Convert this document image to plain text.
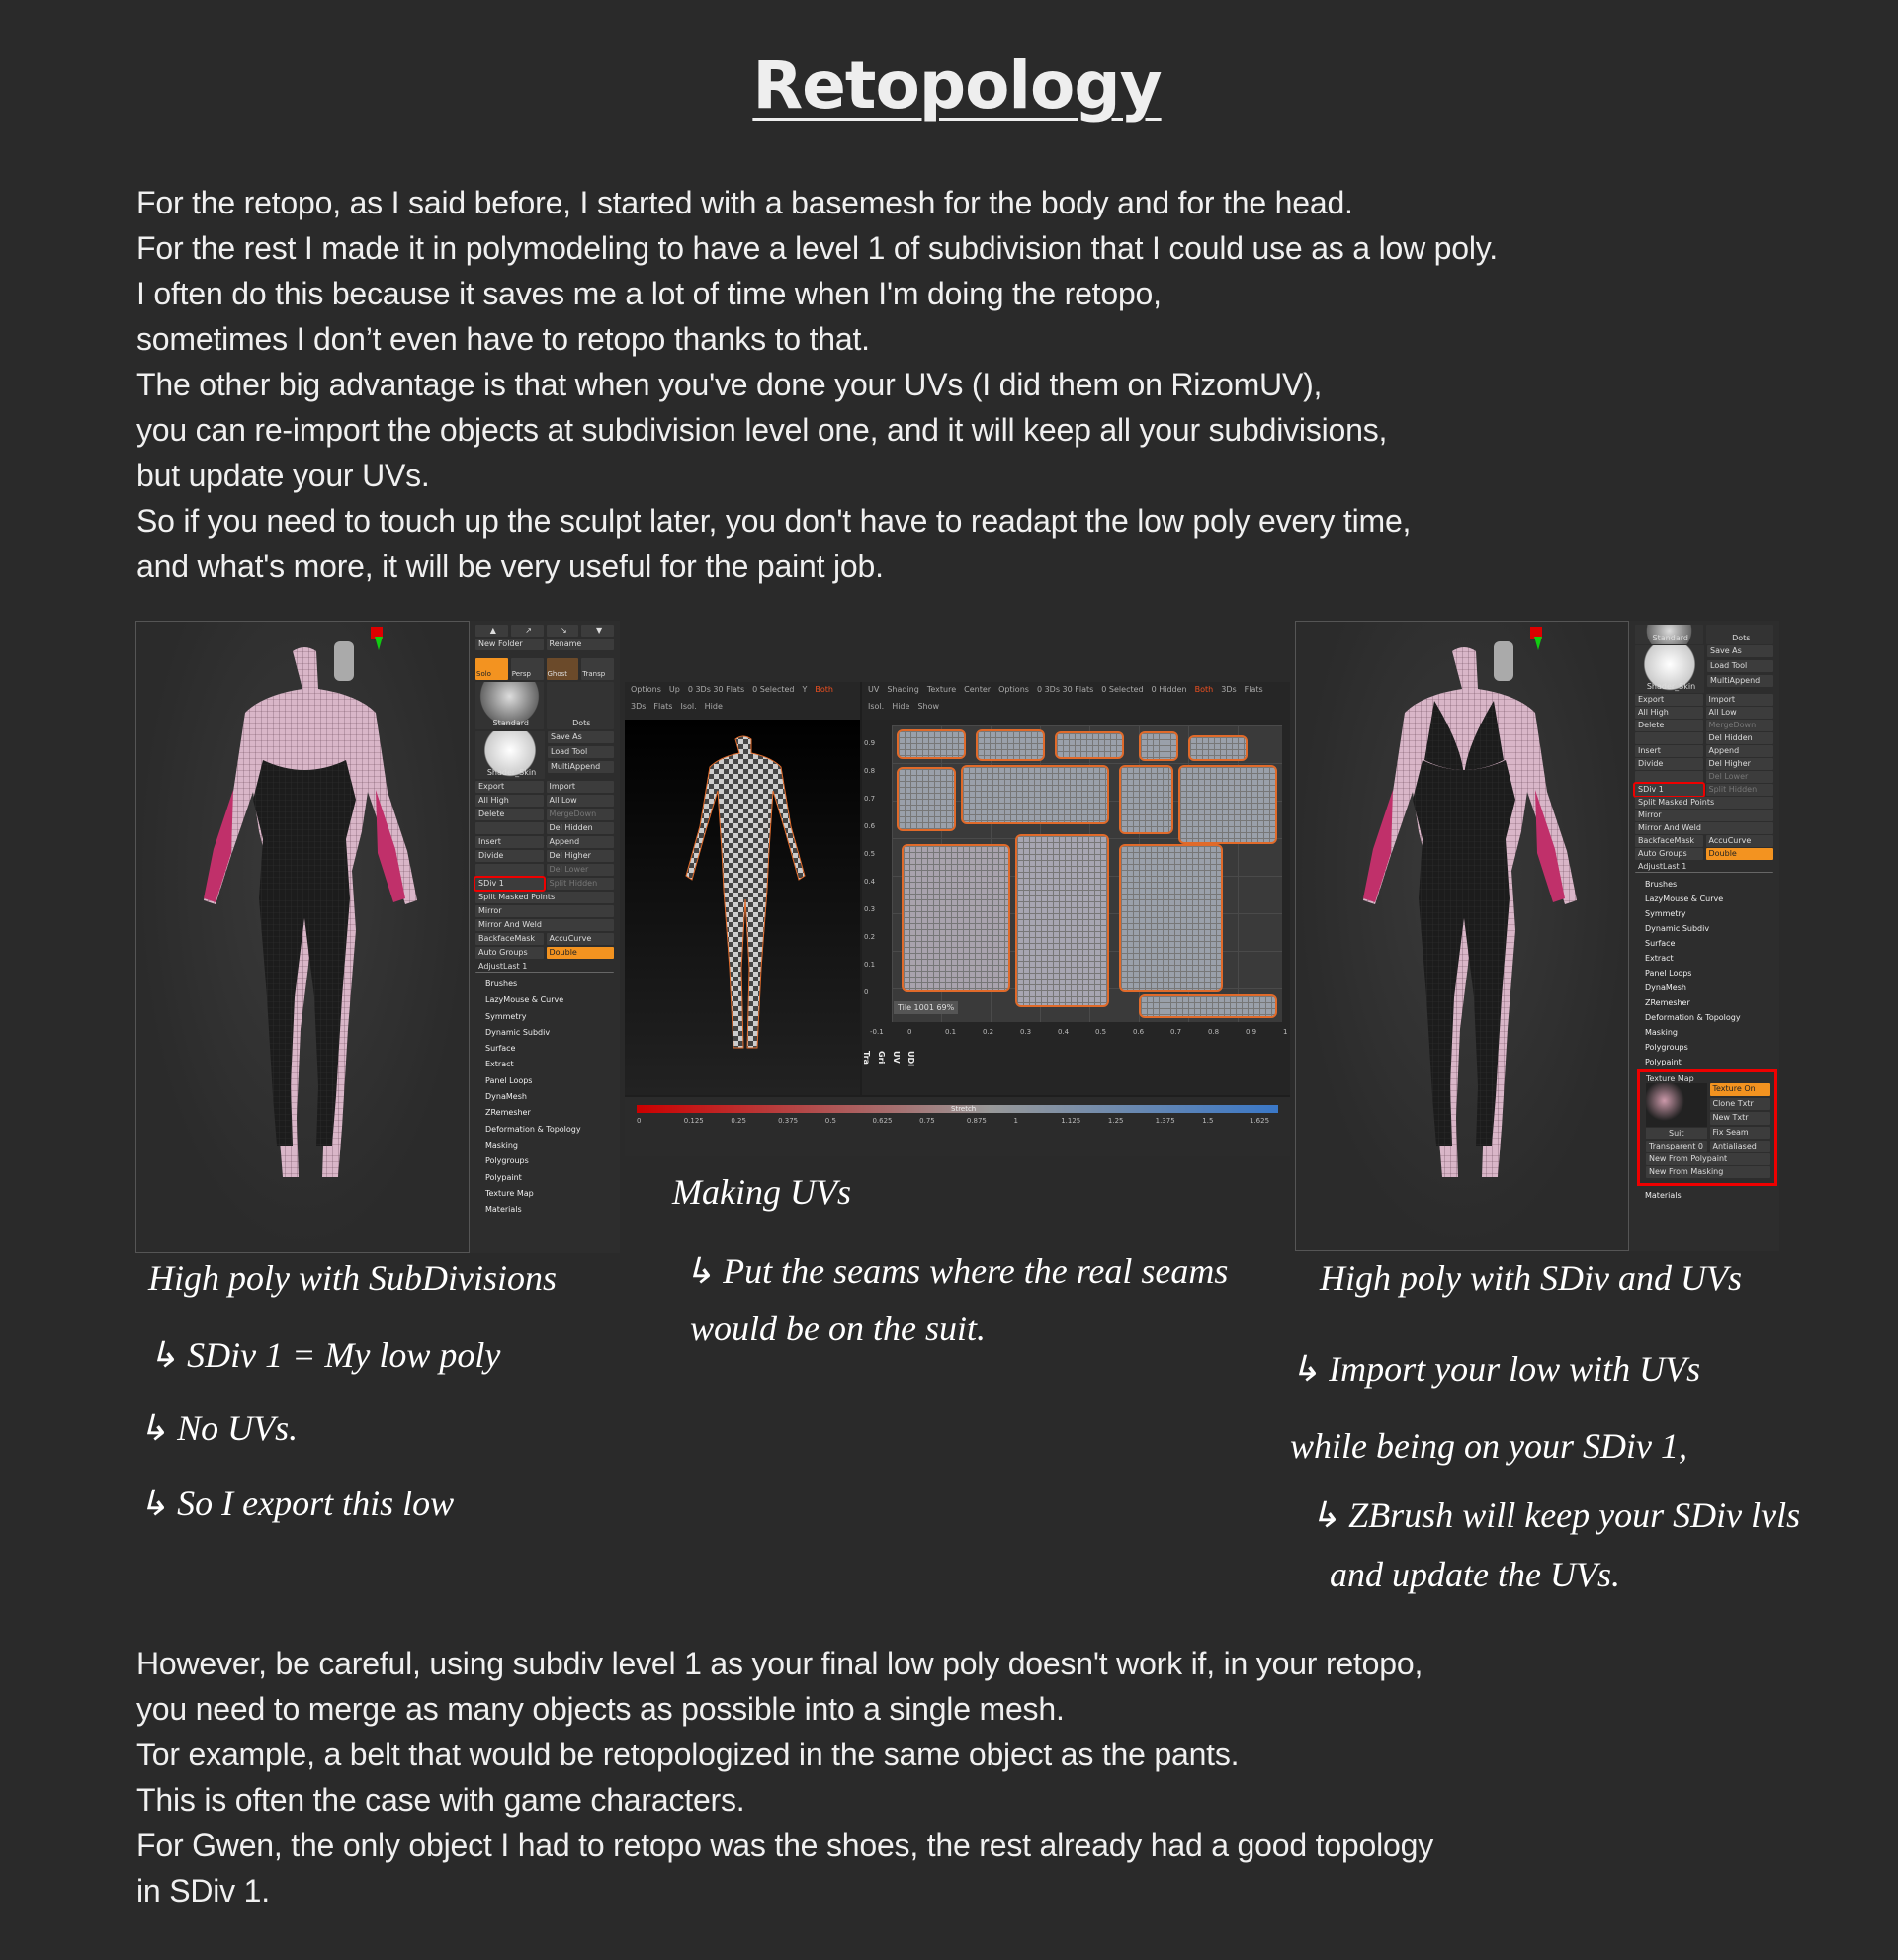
Retopology
For the retopo, as I said before, I started with a basemesh for the body and for the head.
For the rest I made it in polymodeling to have a level 1 of subdivision that I could use as a low poly.
I often do this because it saves me a lot of time when I'm doing the retopo,
sometimes I don’t even have to retopo thanks to that.
The other big advantage is that when you've done your UVs (I did them on RizomUV),
you can re-import the objects at subdivision level one, and it will keep all your subdivisions,
but update your UVs.
So if you need to touch up the sculpt later, you don't have to readapt the low poly every time,
and what's more, it will be very useful for the paint job.
▲	↗	↘	▼
New Folder	Rename
Solo	Persp	Ghost	Transp
Standard	Dots
Shader_Skin
Save As
Load Tool
MultiAppend
Export	Import
All High	All Low
Delete	MergeDown
Del Hidden
Insert	Append
Divide	Del Higher
Del Lower
SDiv 1	Split Hidden
Split Masked Points
Mirror
Mirror And Weld
BackfaceMask	AccuCurve
Auto Groups	Double
AdjustLast 1
Brushes
LazyMouse & Curve
Symmetry
Dynamic Subdiv
Surface
Extract
Panel Loops
DynaMesh
ZRemesher
Deformation & Topology
Masking
Polygroups
Polypaint
Texture Map
Materials
Options Up 0 3Ds 30 Flats 0 Selected Y Both
3Ds Flats Isol. Hide
UV Shading Texture Center Options 0 3Ds 30 Flats 0 Selected 0 Hidden Both 3Ds Flats
Isol. Hide Show
Tile 1001 69%
-0.1	0	0.1	0.2	0.3	0.4	0.5	0.6	0.7	0.8	0.9	1
0.9
0.8
0.7
0.6
0.5
0.4
0.3
0.2
0.1
0
Tra Gri UV UDI
Stretch
0	0.125	0.25	0.375	0.5	0.625	0.75	0.875	1	1.125	1.25	1.375	1.5	1.625
Standard	Dots
Shader_Skin
Save As
Load Tool
MultiAppend
Export	Import
All High	All Low
Delete	MergeDown
Del Hidden
Insert	Append
Divide	Del Higher
Del Lower
SDiv 1	Split Hidden
Split Masked Points
Mirror
Mirror And Weld
BackfaceMask	AccuCurve
Auto Groups	Double
AdjustLast 1
Brushes
LazyMouse & Curve
Symmetry
Dynamic Subdiv
Surface
Extract
Panel Loops
DynaMesh
ZRemesher
Deformation & Topology
Masking
Polygroups
Polypaint
Texture Map
Suit
Texture On
Clone Txtr
New Txtr
Fix Seam
Transparent 0	Antialiased
New From Polypaint
New From Masking
Materials
High poly with SubDivisions
↳ SDiv 1 = My low poly
↳ No UVs.
↳ So I export this low
Making UVs
↳ Put the seams where the real seams
would be on the suit.
High poly with SDiv and UVs
↳ Import your low with UVs
while being on your SDiv 1,
↳ ZBrush will keep your SDiv lvls
and update the UVs.
However, be careful, using subdiv level 1 as your final low poly doesn't work if, in your retopo,
you need to merge as many objects as possible into a single mesh.
Tor example, a belt that would be retopologized in the same object as the pants.
This is often the case with game characters.
For Gwen, the only object I had to retopo was the shoes, the rest already had a good topology
in SDiv 1.
